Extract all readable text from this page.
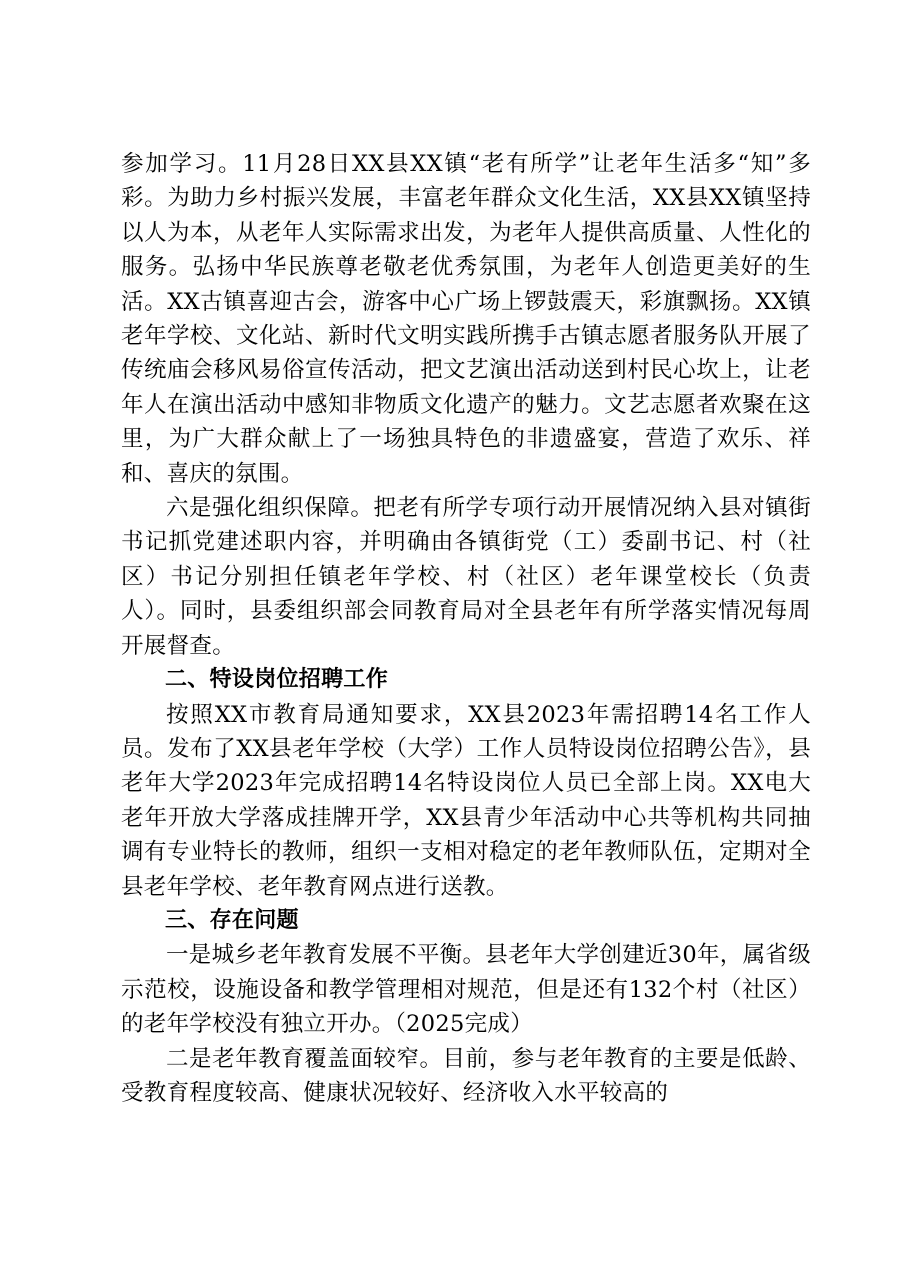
参加学习。11月28日XX县XX镇“老有所学”让老年生活多“知”多彩。为助力乡村振兴发展，丰富老年群众文化生活，XX县XX镇坚持以人为本，从老年人实际需求出发，为老年人提供高质量、人性化的服务。弘扬中华民族尊老敬老优秀氛围，为老年人创造更美好的生活。XX古镇喜迎古会，游客中心广场上锣鼓震天，彩旗飘扬。XX镇老年学校、文化站、新时代文明实践所携手古镇志愿者服务队开展了传统庙会移风易俗宣传活动，把文艺演出活动送到村民心坎上，让老年人在演出活动中感知非物质文化遗产的魅力。文艺志愿者欢聚在这里，为广大群众献上了一场独具特色的非遗盛宴，营造了欢乐、祥和、喜庆的氛围。

六是强化组织保障。把老有所学专项行动开展情况纳入县对镇街书记抓党建述职内容，并明确由各镇街党（工）委副书记、村（社区）书记分别担任镇老年学校、村（社区）老年课堂校长（负责人）。同时，县委组织部会同教育局对全县老年有所学落实情况每周开展督查。

二、特设岗位招聘工作

按照XX市教育局通知要求，XX县2023年需招聘14名工作人员。发布了XX县老年学校（大学）工作人员特设岗位招聘公告》，县老年大学2023年完成招聘14名特设岗位人员已全部上岗。XX电大老年开放大学落成挂牌开学，XX县青少年活动中心共等机构共同抽调有专业特长的教师，组织一支相对稳定的老年教师队伍，定期对全县老年学校、老年教育网点进行送教。

三、存在问题

一是城乡老年教育发展不平衡。县老年大学创建近30年，属省级示范校，设施设备和教学管理相对规范，但是还有132个村（社区）的老年学校没有独立开办。（2025完成）

二是老年教育覆盖面较窄。目前，参与老年教育的主要是低龄、受教育程度较高、健康状况较好、经济收入水平较高的
